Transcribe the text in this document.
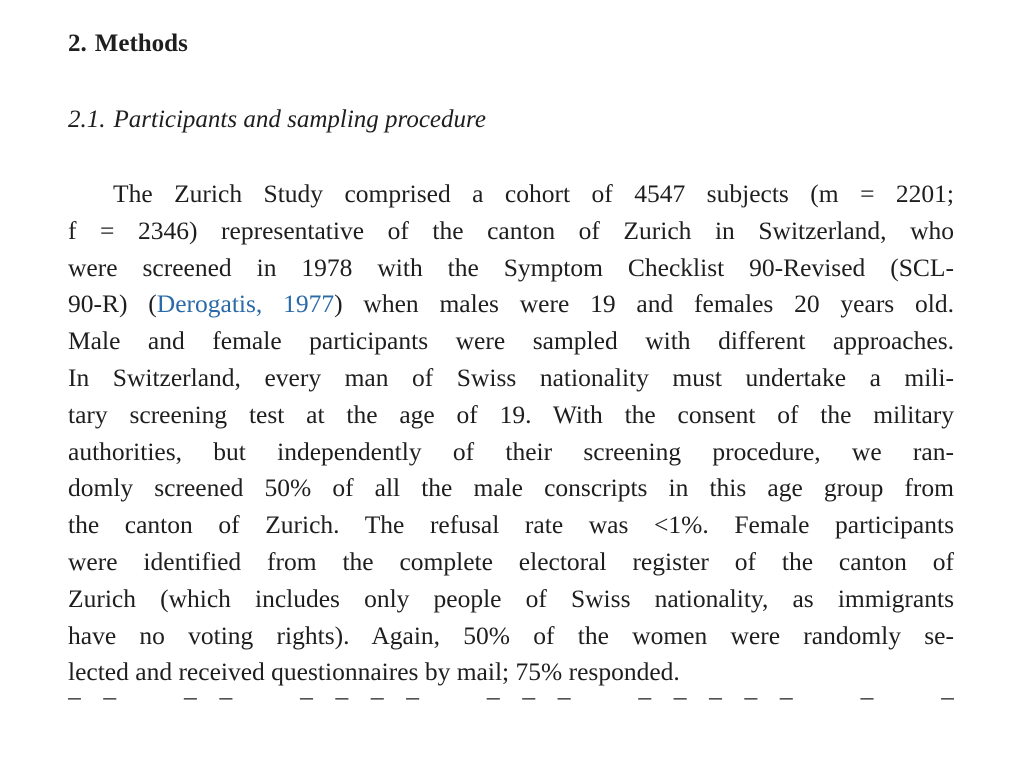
2. Methods
2.1. Participants and sampling procedure
The Zurich Study comprised a cohort of 4547 subjects (m = 2201;
f = 2346) representative of the canton of Zurich in Switzerland, who
were screened in 1978 with the Symptom Checklist 90-Revised (SCL-
90-R) (Derogatis, 1977) when males were 19 and females 20 years old.
Male and female participants were sampled with different approaches.
In Switzerland, every man of Swiss nationality must undertake a mili-
tary screening test at the age of 19. With the consent of the military
authorities, but independently of their screening procedure, we ran-
domly screened 50% of all the male conscripts in this age group from
the canton of Zurich. The refusal rate was <1%. Female participants
were identified from the complete electoral register of the canton of
Zurich (which includes only people of Swiss nationality, as immigrants
have no voting rights). Again, 50% of the women were randomly se-
lected and received questionnaires by mail; 75% responded.
